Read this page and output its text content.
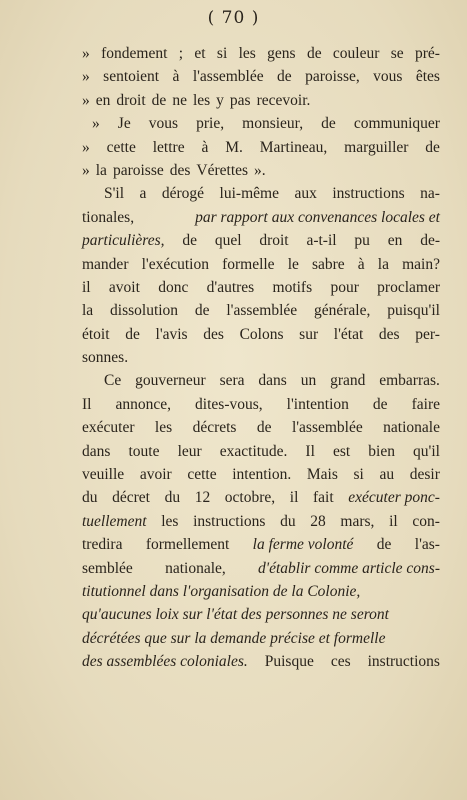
( 70 )
» fondement ; et si les gens de couleur se pré-
» sentoient à l'assemblée de paroisse, vous êtes
» en droit de ne les y pas recevoir.
» Je vous prie, monsieur, de communiquer
» cette lettre à M. Martineau, marguiller de
» la paroisse des Vérettes ».
S'il a dérogé lui-même aux instructions na-
tionales,	par rapport aux convenances locales et
particulières, de quel droit a-t-il pu en de-
mander l'exécution formelle le sabre à la main?
il avoit donc d'autres motifs pour proclamer
la dissolution de l'assemblée générale, puisqu'il
étoit de l'avis des Colons sur l'état des per-
sonnes.
Ce gouverneur sera dans un grand embarras.
Il annonce, dites-vous, l'intention de faire
exécuter les décrets de l'assemblée nationale
dans toute leur exactitude. Il est bien qu'il
veuille avoir cette intention. Mais si au desir
du décret du 12 octobre, il fait exécuter ponc-
tuellement les instructions du 28 mars, il con-
tredira formellement la ferme volonté de l'as-
semblée nationale, d'établir comme article cons-
titutionnel dans l'organisation de la Colonie,
qu'aucunes loix sur l'état des personnes ne seront
décrétées que sur la demande précise et formelle
des assemblées coloniales. Puisque ces instructions
